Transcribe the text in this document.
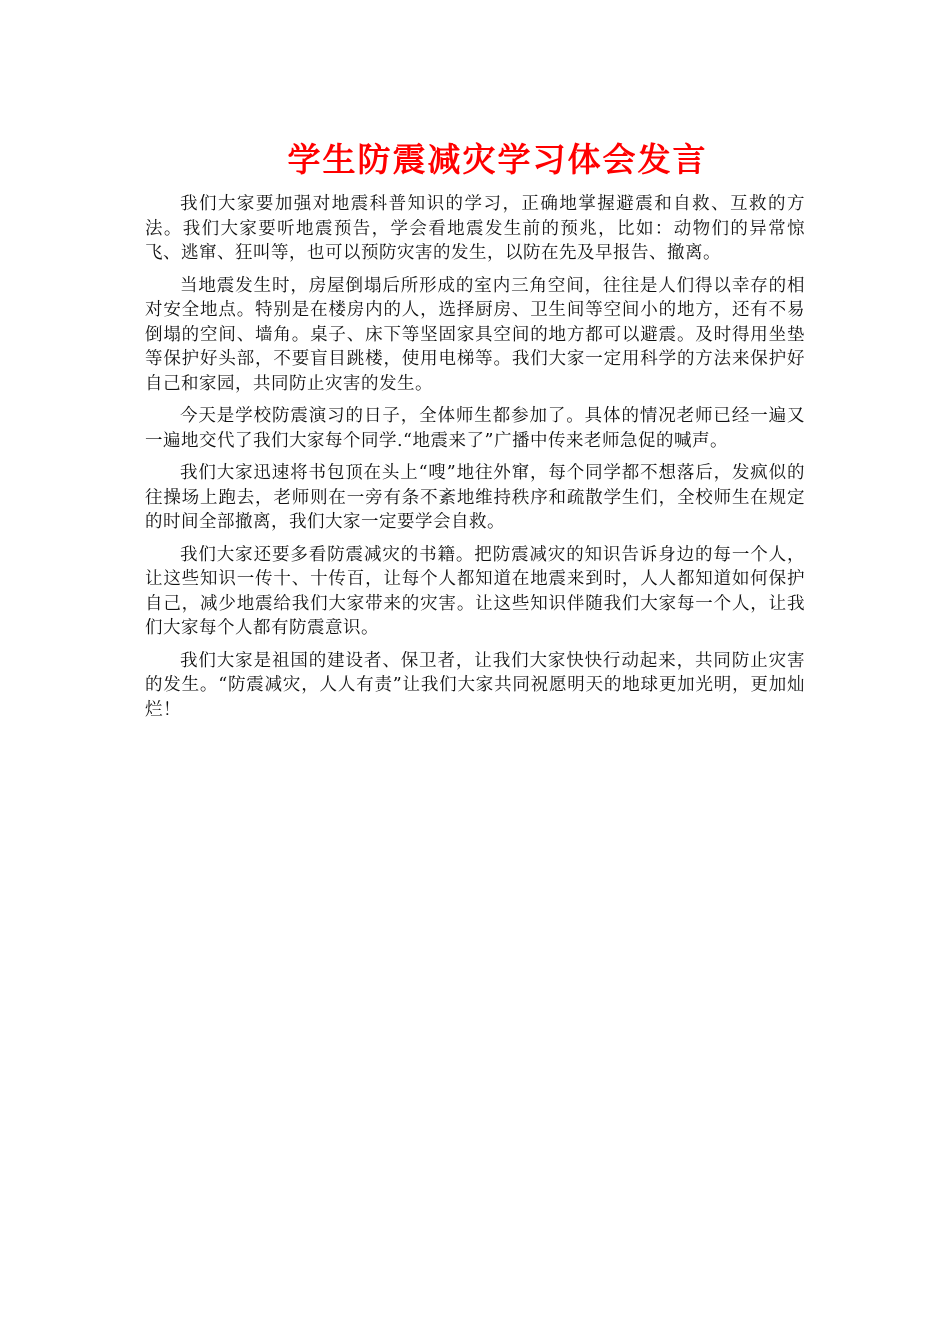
学生防震减灾学习体会发言

我们大家要加强对地震科普知识的学习，正确地掌握避震和自救、互救的方法。我们大家要听地震预告，学会看地震发生前的预兆，比如：动物们的异常惊飞、逃窜、狂叫等，也可以预防灾害的发生，以防在先及早报告、撤离。

当地震发生时，房屋倒塌后所形成的室内三角空间，往往是人们得以幸存的相对安全地点。特别是在楼房内的人，选择厨房、卫生间等空间小的地方，还有不易倒塌的空间、墙角。桌子、床下等坚固家具空间的地方都可以避震。及时得用坐垫等保护好头部，不要盲目跳楼，使用电梯等。我们大家一定用科学的方法来保护好自己和家园，共同防止灾害的发生。

今天是学校防震演习的日子，全体师生都参加了。具体的情况老师已经一遍又一遍地交代了我们大家每个同学.“地震来了”广播中传来老师急促的喊声。

我们大家迅速将书包顶在头上“嗖”地往外窜，每个同学都不想落后，发疯似的往操场上跑去，老师则在一旁有条不紊地维持秩序和疏散学生们，全校师生在规定的时间全部撤离，我们大家一定要学会自救。

我们大家还要多看防震减灾的书籍。把防震减灾的知识告诉身边的每一个人，让这些知识一传十、十传百，让每个人都知道在地震来到时，人人都知道如何保护自己，减少地震给我们大家带来的灾害。让这些知识伴随我们大家每一个人，让我们大家每个人都有防震意识。

我们大家是祖国的建设者、保卫者，让我们大家快快行动起来，共同防止灾害的发生。“防震减灾，人人有责”让我们大家共同祝愿明天的地球更加光明，更加灿烂！
